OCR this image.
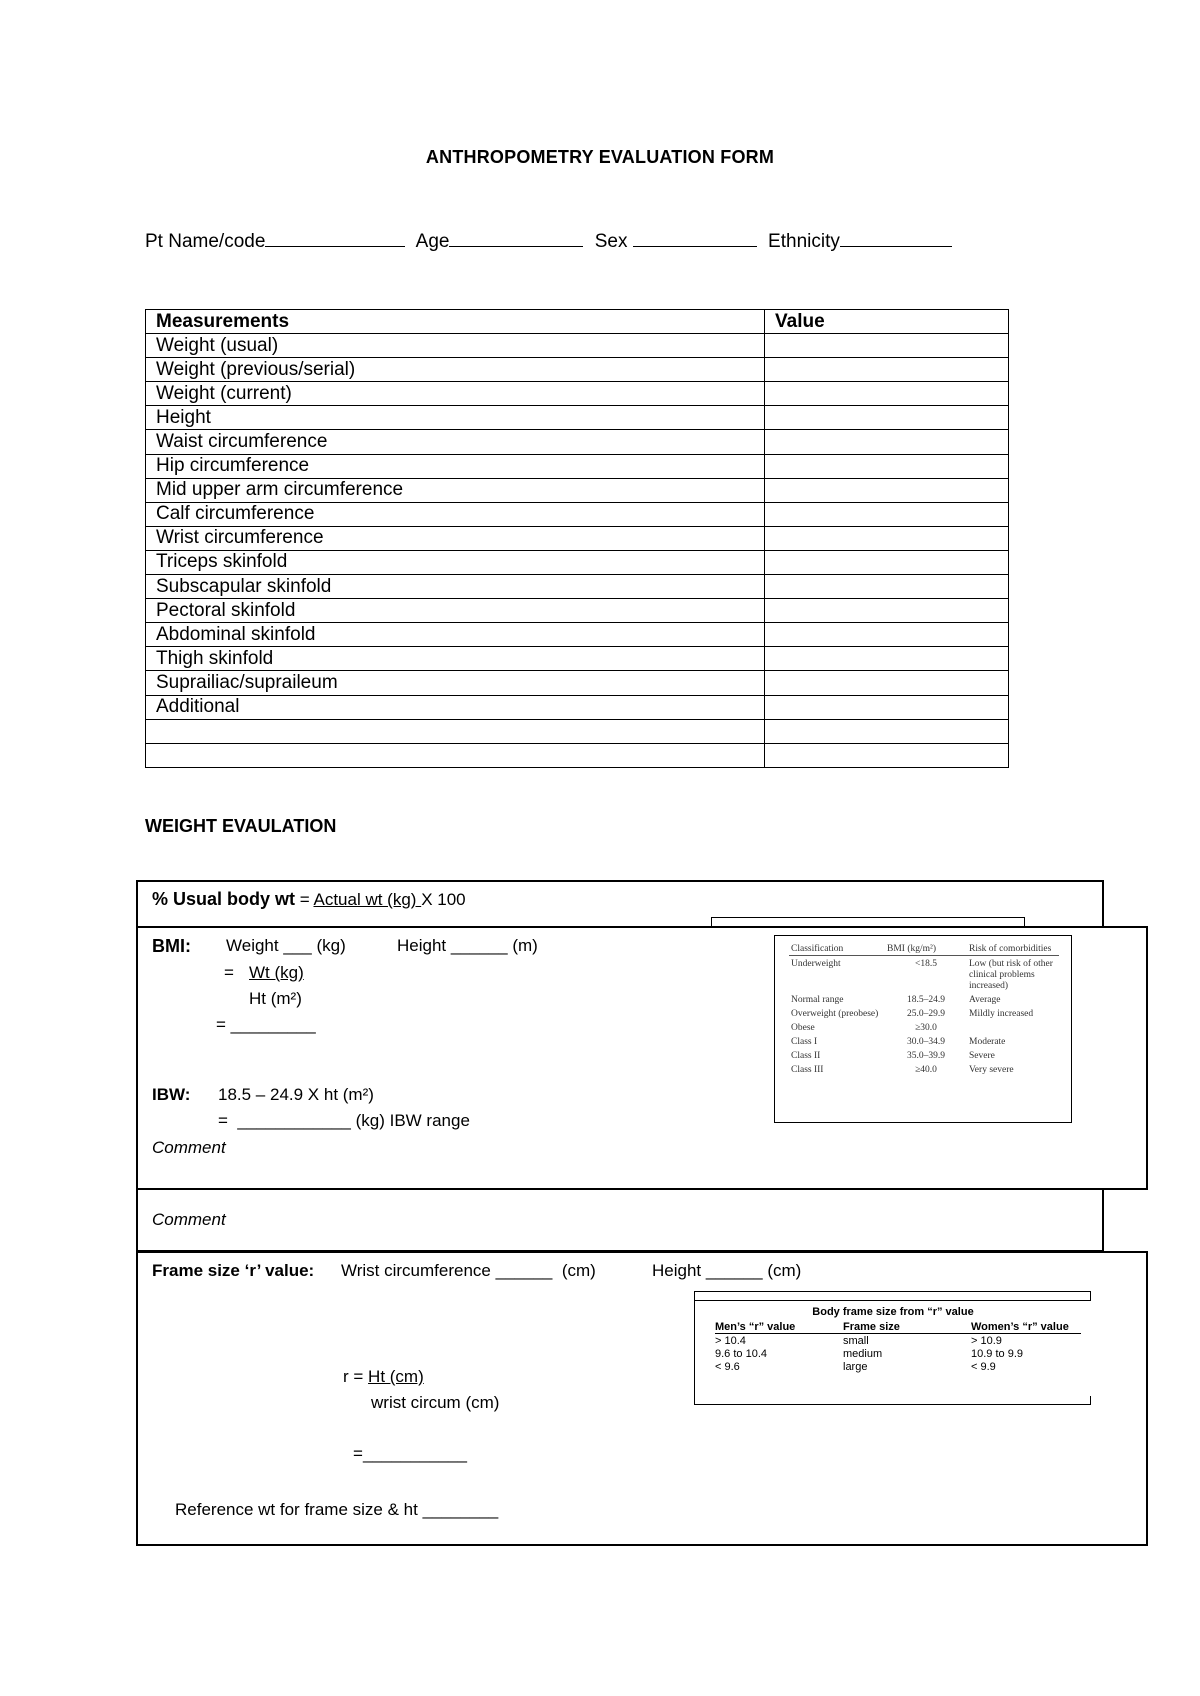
ANTHROPOMETRY EVALUATION FORM
Pt Name/code	Age	Sex	Ethnicity
Measurements	Value
Weight (usual)	
Weight (previous/serial)	
Weight (current)	
Height	
Waist circumference	
Hip circumference	
Mid upper arm circumference	
Calf circumference	
Wrist circumference	
Triceps skinfold	
Subscapular skinfold	
Pectoral skinfold	
Abdominal skinfold	
Thigh skinfold	
Suprailiac/supraileum	
Additional	

WEIGHT EVAULATION
% Usual body wt = Actual wt (kg) X 100
Comment
BMI: Weight ___ (kg)	Height ______ (m)
= Wt (kg)
Ht (m²)
= _________
IBW: 18.5 – 24.9 X ht (m²)
= ____________ (kg) IBW range
Comment
Classification	BMI (kg/m²)	Risk of comorbidities
Underweight	<18.5	Low (but risk of other clinical problems increased)
Normal range	18.5–24.9	Average
Overweight (preobese)	25.0–29.9	Mildly increased
Obese	≥30.0	
Class I	30.0–34.9	Moderate
Class II	35.0–39.9	Severe
Class III	≥40.0	Very severe
Frame size ‘r’ value: Wrist circumference ______ (cm)	Height ______ (cm)
r = Ht (cm)
wrist circum (cm)
=___________
Reference wt for frame size & ht ________
Body frame size from “r” value
Men’s “r” value	Frame size	Women’s “r” value
> 10.4	small	> 10.9
9.6 to 10.4	medium	10.9 to 9.9
< 9.6	large	< 9.9
